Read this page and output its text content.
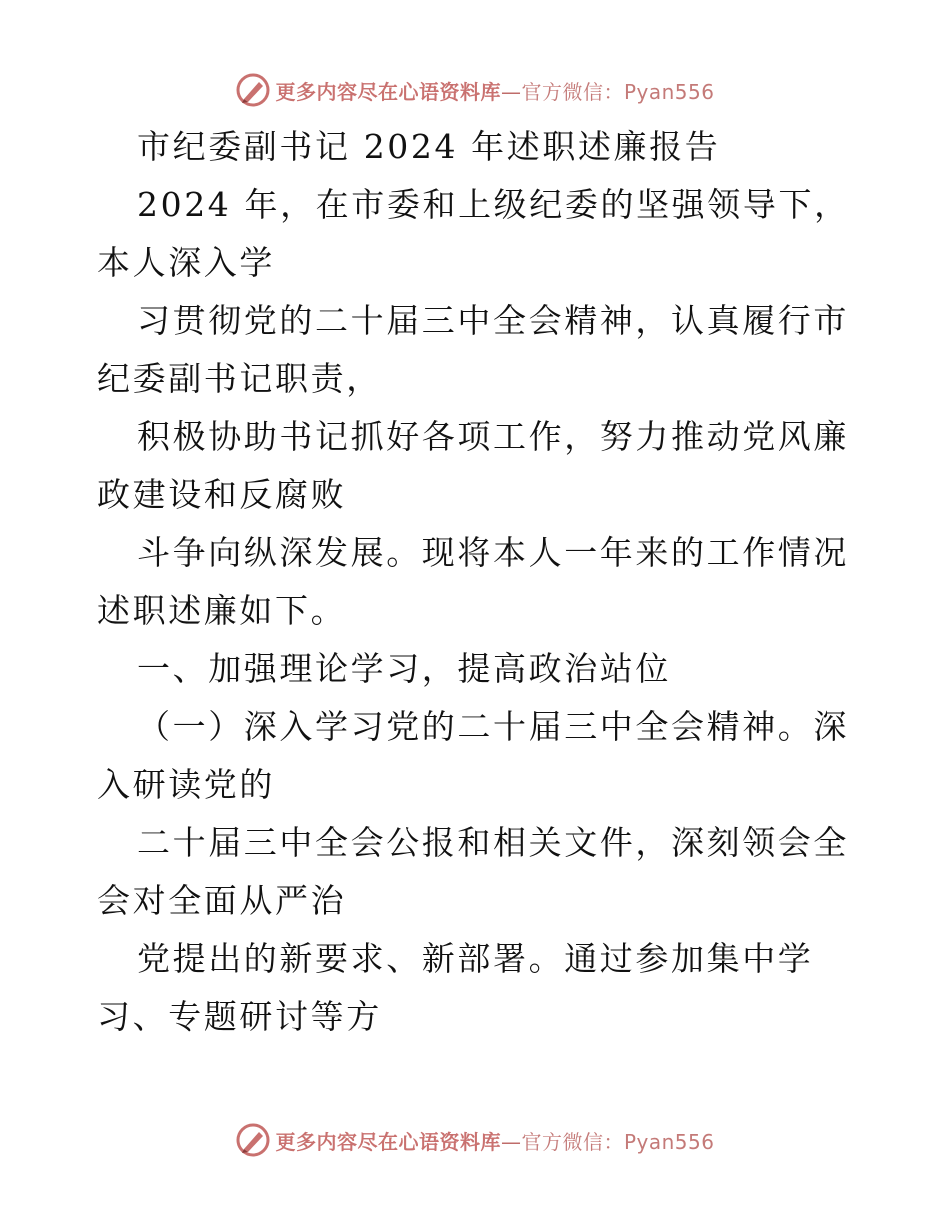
更多内容尽在心语资料库—官方微信：Pyan556

市纪委副书记 2024 年述职述廉报告

2024 年，在市委和上级纪委的坚强领导下，本人深入学

习贯彻党的二十届三中全会精神，认真履行市纪委副书记职责，

积极协助书记抓好各项工作，努力推动党风廉政建设和反腐败

斗争向纵深发展。现将本人一年来的工作情况述职述廉如下。

一、加强理论学习，提高政治站位

（一）深入学习党的二十届三中全会精神。深入研读党的

二十届三中全会公报和相关文件，深刻领会全会对全面从严治

党提出的新要求、新部署。通过参加集中学习、专题研讨等方

更多内容尽在心语资料库—官方微信：Pyan556
